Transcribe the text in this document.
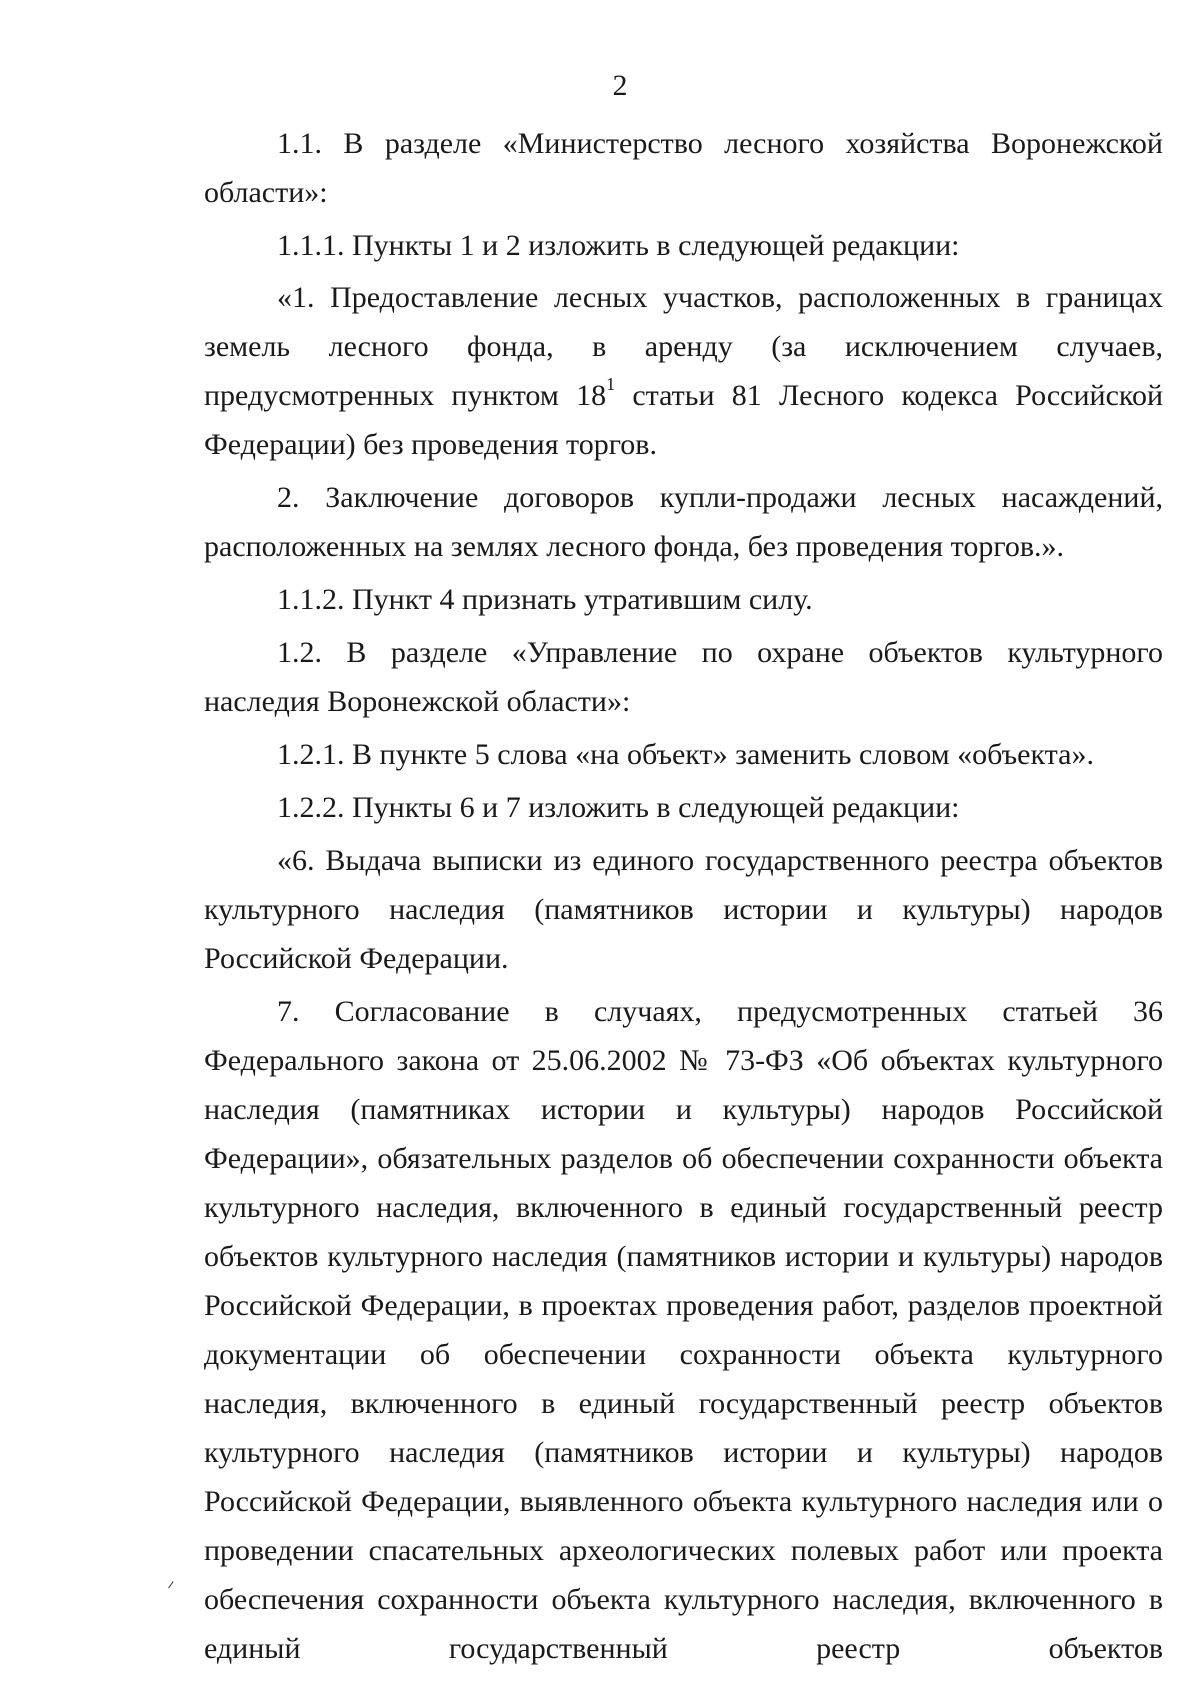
2

1.1. В разделе «Министерство лесного хозяйства Воронежской области»:

1.1.1. Пункты 1 и 2 изложить в следующей редакции:

«1. Предоставление лесных участков, расположенных в границах земель лесного фонда, в аренду (за исключением случаев, предусмотренных пунктом $18^1$ статьи 81 Лесного кодекса Российской Федерации) без проведения торгов.

2. Заключение договоров купли-продажи лесных насаждений, расположенных на землях лесного фонда, без проведения торгов.».

1.1.2. Пункт 4 признать утратившим силу.

1.2. В разделе «Управление по охране объектов культурного наследия Воронежской области»:

1.2.1. В пункте 5 слова «на объект» заменить словом «объекта».

1.2.2. Пункты 6 и 7 изложить в следующей редакции:

«6. Выдача выписки из единого государственного реестра объектов культурного наследия (памятников истории и культуры) народов Российской Федерации.

7. Согласование в случаях, предусмотренных статьей 36 Федерального закона от 25.06.2002 № 73-ФЗ «Об объектах культурного наследия (памятниках истории и культуры) народов Российской Федерации», обязательных разделов об обеспечении сохранности объекта культурного наследия, включенного в единый государственный реестр объектов культурного наследия (памятников истории и культуры) народов Российской Федерации, в проектах проведения работ, разделов проектной документации об обеспечении сохранности объекта культурного наследия, включенного в единый государственный реестр объектов культурного наследия (памятников истории и культуры) народов Российской Федерации, выявленного объекта культурного наследия или о проведении спасательных археологических полевых работ или проекта обеспечения сохранности объекта культурного наследия, включенного в единый государственный реестр объектов
